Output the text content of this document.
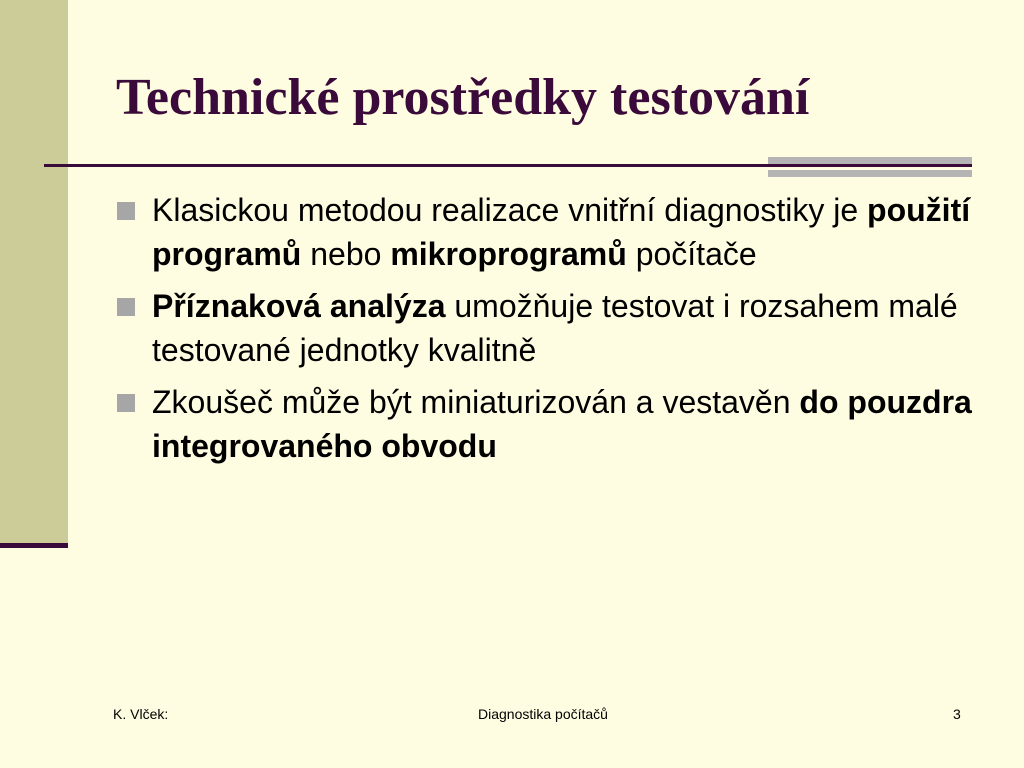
Technické prostředky testování
Klasickou metodou realizace vnitřní diagnostiky je použití programů nebo mikroprogramů počítače
Příznaková analýza umožňuje testovat i rozsahem malé testované jednotky kvalitně
Zkoušeč může být miniaturizován a vestavěn do pouzdra integrovaného obvodu
K. Vlček:	Diagnostika počítačů	3
